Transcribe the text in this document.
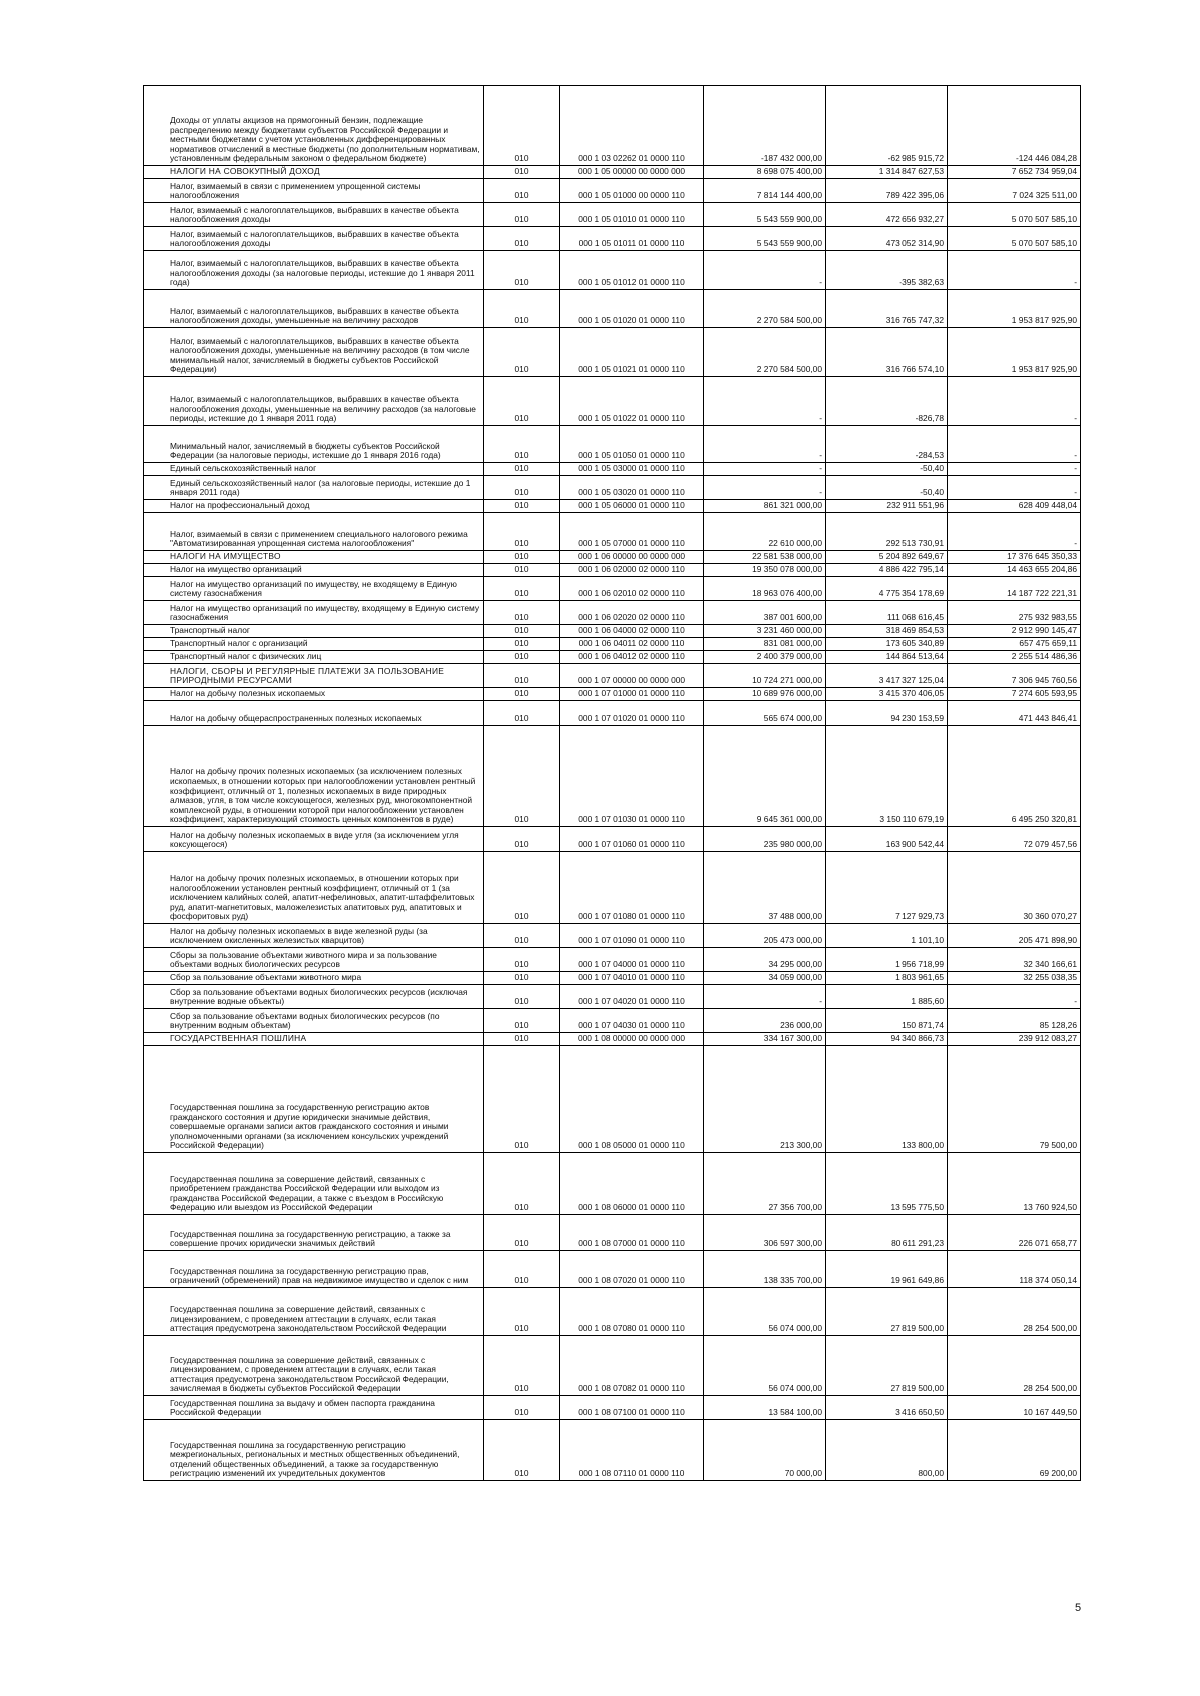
Доходы от уплаты акцизов на прямогонный бензин, подлежащие распределению между бюджетами субъектов Российской Федерации и местными бюджетами с учетом установленных дифференцированных нормативов отчислений в местные бюджеты (по дополнительным нормативам, установленным федеральным законом о федеральном бюджете)	010	000 1 03 02262 01 0000 110	-187 432 000,00	-62 985 915,72	-124 446 084,28
НАЛОГИ НА СОВОКУПНЫЙ ДОХОД	010	000 1 05 00000 00 0000 000	8 698 075 400,00	1 314 847 627,53	7 652 734 959,04
Налог, взимаемый в связи с применением упрощенной системы налогообложения	010	000 1 05 01000 00 0000 110	7 814 144 400,00	789 422 395,06	7 024 325 511,00
Налог, взимаемый с налогоплательщиков, выбравших в качестве объекта налогообложения доходы	010	000 1 05 01010 01 0000 110	5 543 559 900,00	472 656 932,27	5 070 507 585,10
Налог, взимаемый с налогоплательщиков, выбравших в качестве объекта налогообложения доходы	010	000 1 05 01011 01 0000 110	5 543 559 900,00	473 052 314,90	5 070 507 585,10
Налог, взимаемый с налогоплательщиков, выбравших в качестве объекта налогообложения доходы (за налоговые периоды, истекшие до 1 января 2011 года)	010	000 1 05 01012 01 0000 110	-	-395 382,63	-
Налог, взимаемый с налогоплательщиков, выбравших в качестве объекта налогообложения доходы, уменьшенные на величину расходов	010	000 1 05 01020 01 0000 110	2 270 584 500,00	316 765 747,32	1 953 817 925,90
Налог, взимаемый с налогоплательщиков, выбравших в качестве объекта налогообложения доходы, уменьшенные на величину расходов (в том числе минимальный налог, зачисляемый в бюджеты субъектов Российской Федерации)	010	000 1 05 01021 01 0000 110	2 270 584 500,00	316 766 574,10	1 953 817 925,90
Налог, взимаемый с налогоплательщиков, выбравших в качестве объекта налогообложения доходы, уменьшенные на величину расходов (за налоговые периоды, истекшие до 1 января 2011 года)	010	000 1 05 01022 01 0000 110	-	-826,78	-
Минимальный налог, зачисляемый в бюджеты субъектов Российской Федерации (за налоговые периоды, истекшие до 1 января 2016 года)	010	000 1 05 01050 01 0000 110	-	-284,53	-
Единый сельскохозяйственный налог	010	000 1 05 03000 01 0000 110	-	-50,40	-
Единый сельскохозяйственный налог (за налоговые периоды, истекшие до 1 января 2011 года)	010	000 1 05 03020 01 0000 110	-	-50,40	-
Налог на профессиональный доход	010	000 1 05 06000 01 0000 110	861 321 000,00	232 911 551,96	628 409 448,04
Налог, взимаемый в связи с применением специального налогового режима "Автоматизированная упрощенная система налогообложения"	010	000 1 05 07000 01 0000 110	22 610 000,00	292 513 730,91	-
НАЛОГИ НА ИМУЩЕСТВО	010	000 1 06 00000 00 0000 000	22 581 538 000,00	5 204 892 649,67	17 376 645 350,33
Налог на имущество организаций	010	000 1 06 02000 02 0000 110	19 350 078 000,00	4 886 422 795,14	14 463 655 204,86
Налог на имущество организаций по имуществу, не входящему в Единую систему газоснабжения	010	000 1 06 02010 02 0000 110	18 963 076 400,00	4 775 354 178,69	14 187 722 221,31
Налог на имущество организаций по имуществу, входящему в Единую систему газоснабжения	010	000 1 06 02020 02 0000 110	387 001 600,00	111 068 616,45	275 932 983,55
Транспортный налог	010	000 1 06 04000 02 0000 110	3 231 460 000,00	318 469 854,53	2 912 990 145,47
Транспортный налог с организаций	010	000 1 06 04011 02 0000 110	831 081 000,00	173 605 340,89	657 475 659,11
Транспортный налог с физических лиц	010	000 1 06 04012 02 0000 110	2 400 379 000,00	144 864 513,64	2 255 514 486,36
НАЛОГИ, СБОРЫ И РЕГУЛЯРНЫЕ ПЛАТЕЖИ ЗА ПОЛЬЗОВАНИЕ ПРИРОДНЫМИ РЕСУРСАМИ	010	000 1 07 00000 00 0000 000	10 724 271 000,00	3 417 327 125,04	7 306 945 760,56
Налог на добычу полезных ископаемых	010	000 1 07 01000 01 0000 110	10 689 976 000,00	3 415 370 406,05	7 274 605 593,95
Налог на добычу общераспространенных полезных ископаемых	010	000 1 07 01020 01 0000 110	565 674 000,00	94 230 153,59	471 443 846,41
Налог на добычу прочих полезных ископаемых (за исключением полезных ископаемых, в отношении которых при налогообложении установлен рентный коэффициент, отличный от 1, полезных ископаемых в виде природных алмазов, угля, в том числе коксующегося, железных руд, многокомпонентной комплексной руды, в отношении которой при налогообложении установлен коэффициент, характеризующий стоимость ценных компонентов в руде)	010	000 1 07 01030 01 0000 110	9 645 361 000,00	3 150 110 679,19	6 495 250 320,81
Налог на добычу полезных ископаемых в виде угля (за исключением угля коксующегося)	010	000 1 07 01060 01 0000 110	235 980 000,00	163 900 542,44	72 079 457,56
Налог на добычу прочих полезных ископаемых, в отношении которых при налогообложении установлен рентный коэффициент, отличный от 1 (за исключением калийных солей, апатит-нефелиновых, апатит-штаффелитовых руд, апатит-магнетитовых, маложелезистых апатитовых руд, апатитовых и фосфоритовых руд)	010	000 1 07 01080 01 0000 110	37 488 000,00	7 127 929,73	30 360 070,27
Налог на добычу полезных ископаемых в виде железной руды (за исключением окисленных железистых кварцитов)	010	000 1 07 01090 01 0000 110	205 473 000,00	1 101,10	205 471 898,90
Сборы за пользование объектами животного мира и за пользование объектами водных биологических ресурсов	010	000 1 07 04000 01 0000 110	34 295 000,00	1 956 718,99	32 340 166,61
Сбор за пользование объектами животного мира	010	000 1 07 04010 01 0000 110	34 059 000,00	1 803 961,65	32 255 038,35
Сбор за пользование объектами водных биологических ресурсов (исключая внутренние водные объекты)	010	000 1 07 04020 01 0000 110	-	1 885,60	-
Сбор за пользование объектами водных биологических ресурсов (по внутренним водным объектам)	010	000 1 07 04030 01 0000 110	236 000,00	150 871,74	85 128,26
ГОСУДАРСТВЕННАЯ ПОШЛИНА	010	000 1 08 00000 00 0000 000	334 167 300,00	94 340 866,73	239 912 083,27
Государственная пошлина за государственную регистрацию актов гражданского состояния и другие юридически значимые действия, совершаемые органами записи актов гражданского состояния и иными уполномоченными органами (за исключением консульских учреждений Российской Федерации)	010	000 1 08 05000 01 0000 110	213 300,00	133 800,00	79 500,00
Государственная пошлина за совершение действий, связанных с приобретением гражданства Российской Федерации или выходом из гражданства Российской Федерации, а также с въездом в Российскую Федерацию или выездом из Российской Федерации	010	000 1 08 06000 01 0000 110	27 356 700,00	13 595 775,50	13 760 924,50
Государственная пошлина за государственную регистрацию, а также за совершение прочих юридически значимых действий	010	000 1 08 07000 01 0000 110	306 597 300,00	80 611 291,23	226 071 658,77
Государственная пошлина за государственную регистрацию прав, ограничений (обременений) прав на недвижимое имущество и сделок с ним	010	000 1 08 07020 01 0000 110	138 335 700,00	19 961 649,86	118 374 050,14
Государственная пошлина за совершение действий, связанных с лицензированием, с проведением аттестации в случаях, если такая аттестация предусмотрена законодательством Российской Федерации	010	000 1 08 07080 01 0000 110	56 074 000,00	27 819 500,00	28 254 500,00
Государственная пошлина за совершение действий, связанных с лицензированием, с проведением аттестации в случаях, если такая аттестация предусмотрена законодательством Российской Федерации, зачисляемая в бюджеты субъектов Российской Федерации	010	000 1 08 07082 01 0000 110	56 074 000,00	27 819 500,00	28 254 500,00
Государственная пошлина за выдачу и обмен паспорта гражданина Российской Федерации	010	000 1 08 07100 01 0000 110	13 584 100,00	3 416 650,50	10 167 449,50
Государственная пошлина за государственную регистрацию межрегиональных, региональных и местных общественных объединений, отделений общественных объединений, а также за государственную регистрацию изменений их учредительных документов	010	000 1 08 07110 01 0000 110	70 000,00	800,00	69 200,00
5
